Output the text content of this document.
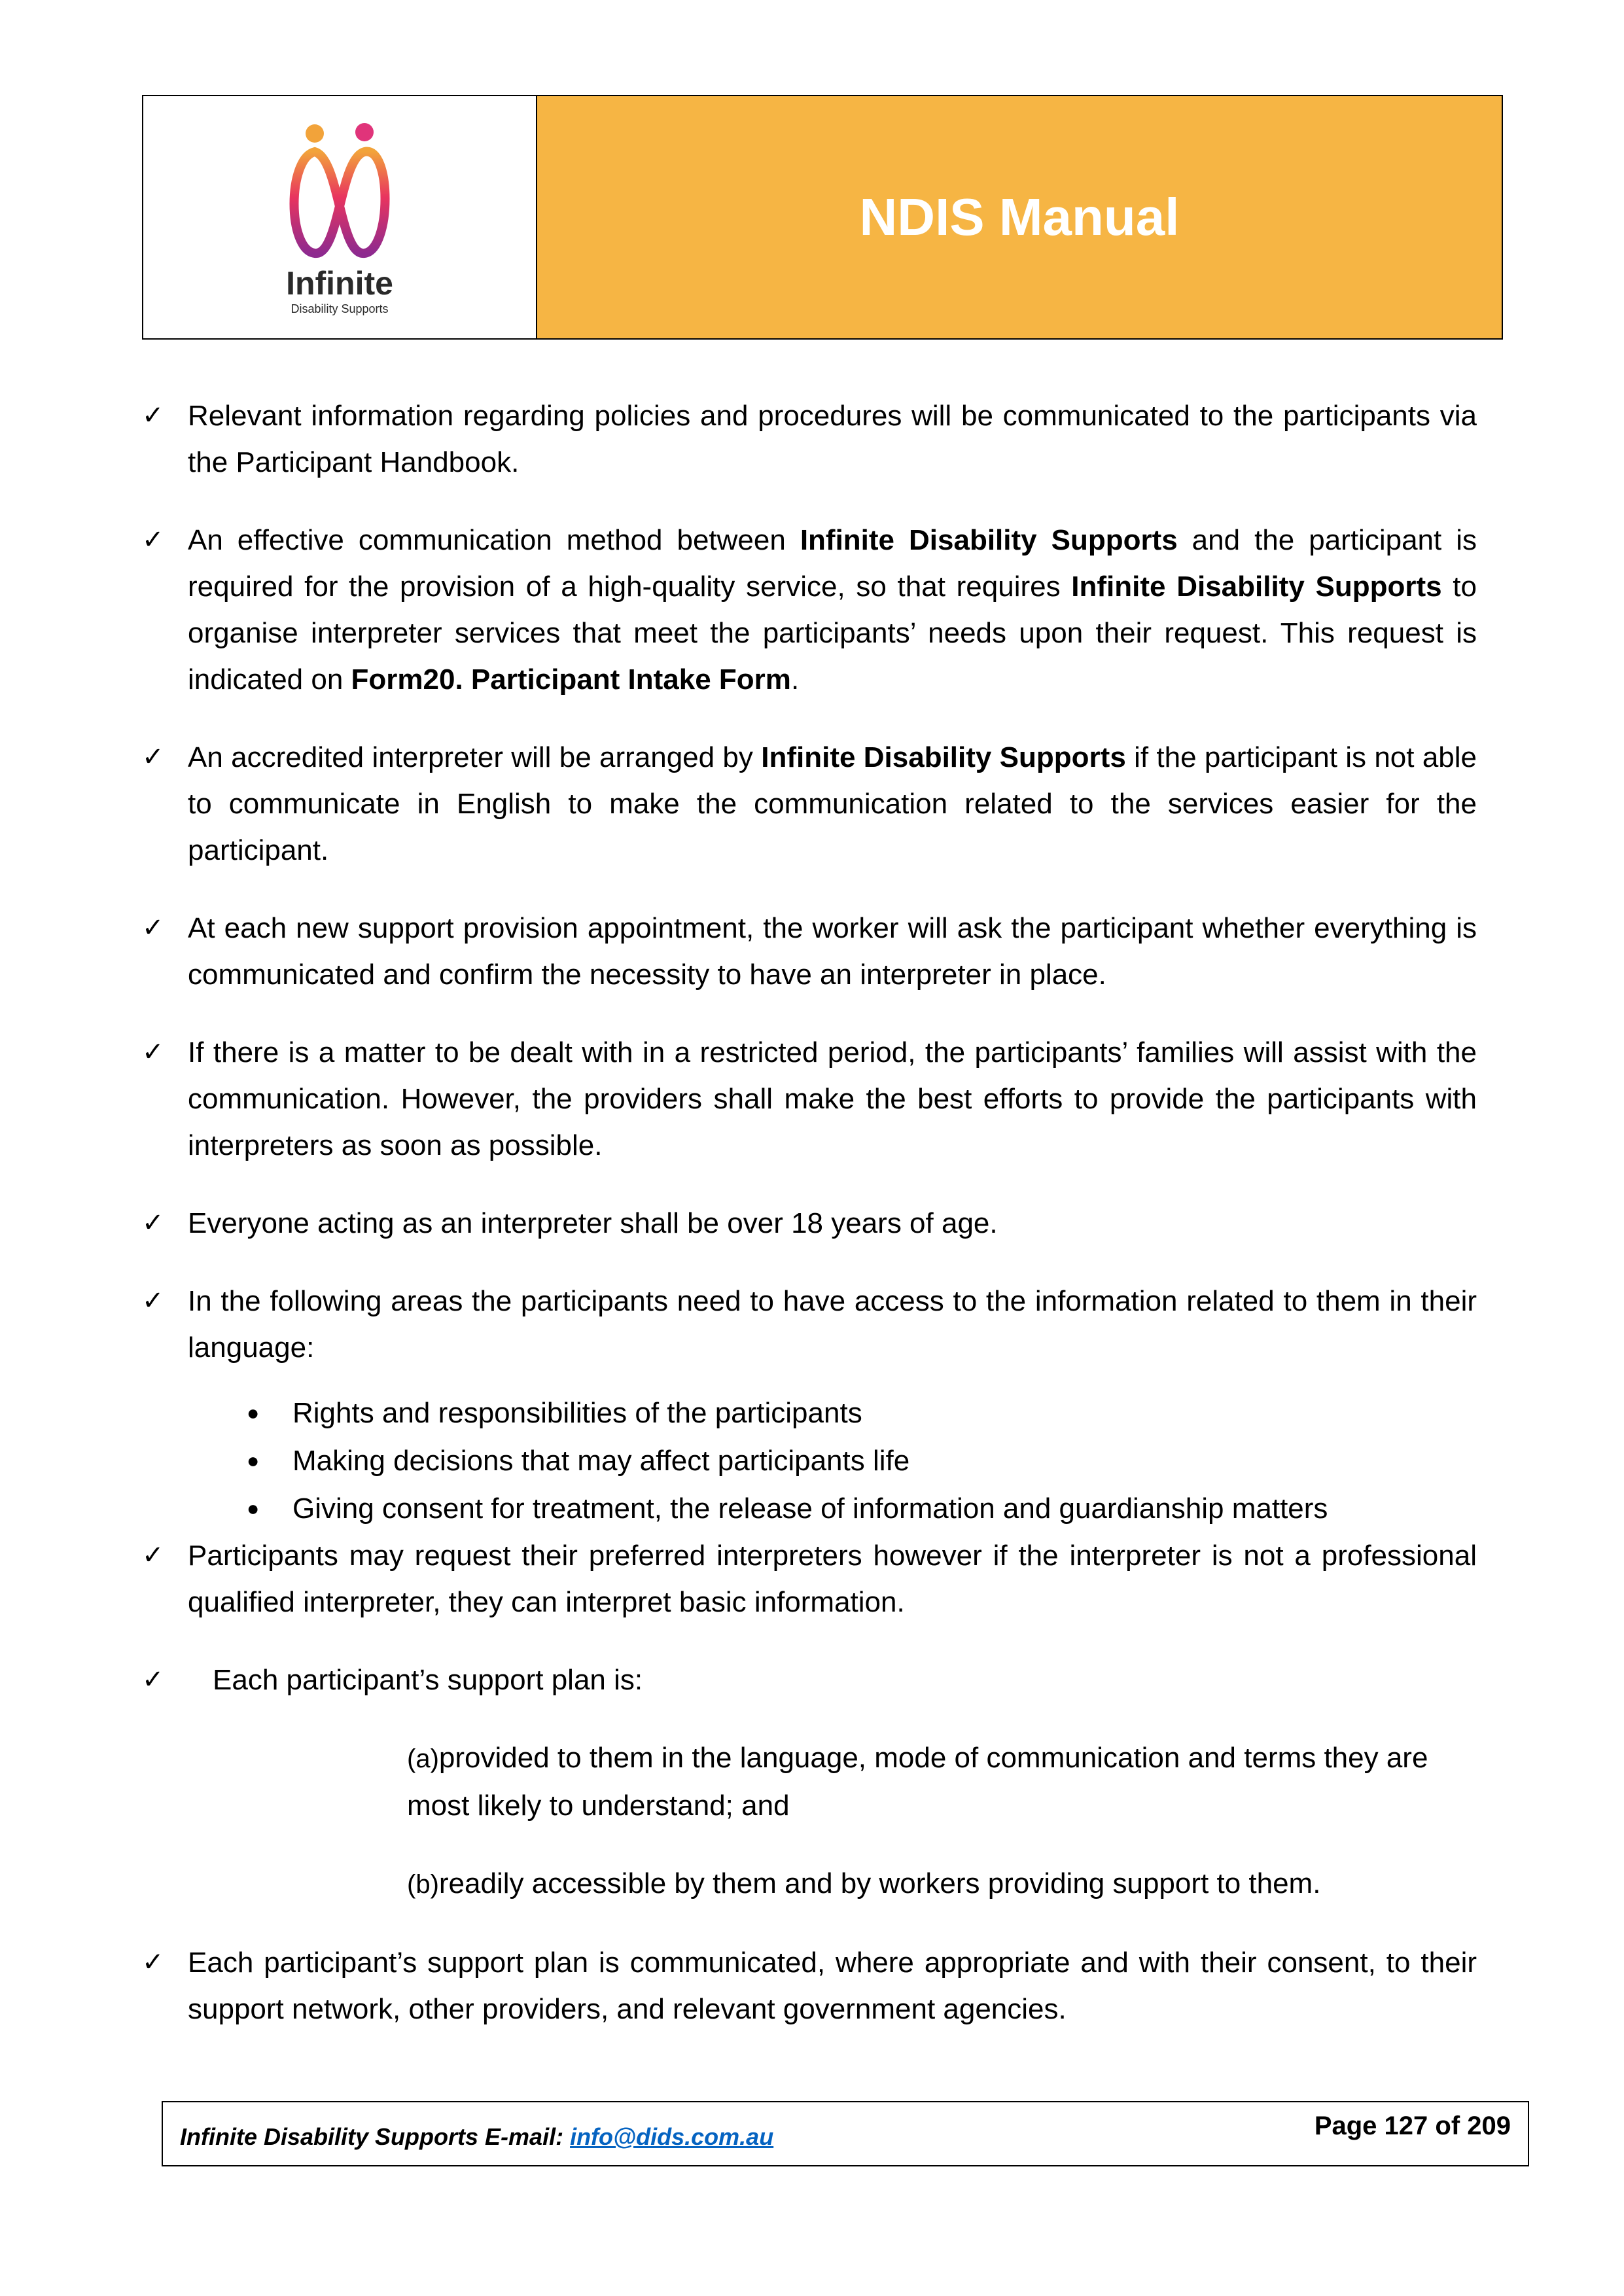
Infinite
Disability Supports
NDIS Manual
✓ Relevant information regarding policies and procedures will be communicated to the participants via the Participant Handbook.
✓ An effective communication method between Infinite Disability Supports and the participant is required for the provision of a high-quality service, so that requires Infinite Disability Supports to organise interpreter services that meet the participants’ needs upon their request. This request is indicated on Form20. Participant Intake Form.
✓ An accredited interpreter will be arranged by Infinite Disability Supports if the participant is not able to communicate in English to make the communication related to the services easier for the participant.
✓ At each new support provision appointment, the worker will ask the participant whether everything is communicated and confirm the necessity to have an interpreter in place.
✓ If there is a matter to be dealt with in a restricted period, the participants’ families will assist with the communication. However, the providers shall make the best efforts to provide the participants with interpreters as soon as possible.
✓ Everyone acting as an interpreter shall be over 18 years of age.
✓ In the following areas the participants need to have access to the information related to them in their language:
● Rights and responsibilities of the participants
● Making decisions that may affect participants life
● Giving consent for treatment, the release of information and guardianship matters
✓ Participants may request their preferred interpreters however if the interpreter is not a professional qualified interpreter, they can interpret basic information.
✓ Each participant’s support plan is:
(a)provided to them in the language, mode of communication and terms they are most likely to understand; and
(b)readily accessible by them and by workers providing support to them.
✓ Each participant’s support plan is communicated, where appropriate and with their consent, to their support network, other providers, and relevant government agencies.
Infinite Disability Supports E-mail: info@dids.com.au	Page 127 of 209
